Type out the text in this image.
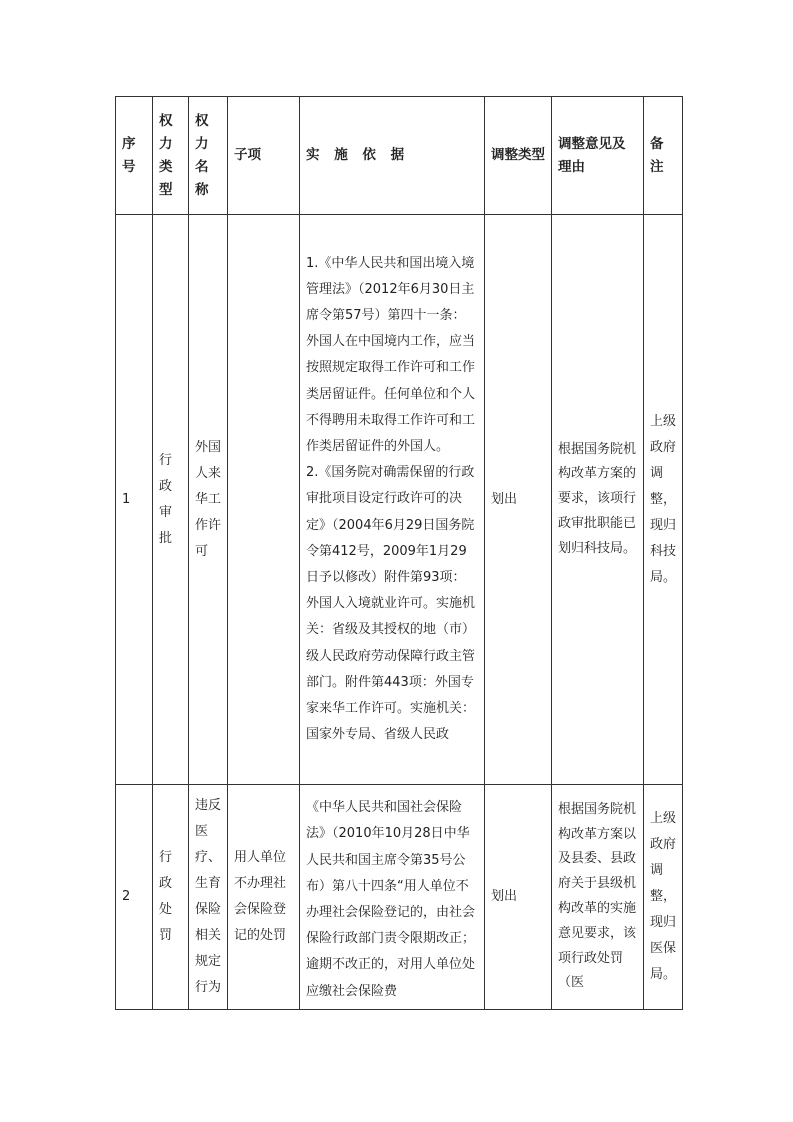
序号	权力类型	权力名称	子项	实 施 依 据	调整类型	调整意见及理由	备注
1	行政审批	外国人来华工作许可		1.《中华人民共和国出境入境管理法》（2012年6月30日主席令第57号）第四十一条：外国人在中国境内工作，应当按照规定取得工作许可和工作类居留证件。任何单位和个人不得聘用未取得工作许可和工作类居留证件的外国人。
2.《国务院对确需保留的行政审批项目设定行政许可的决定》（2004年6月29日国务院令第412号，2009年1月29日予以修改）附件第93项：外国人入境就业许可。实施机关：省级及其授权的地（市）级人民政府劳动保障行政主管部门。附件第443项：外国专家来华工作许可。实施机关：国家外专局、省级人民政	划出	根据国务院机构改革方案的要求，该项行政审批职能已划归科技局。	上级政府调整，现归科技局。
2	行政处罚	违反医疗、生育保险相关规定行为	用人单位不办理社会保险登记的处罚	《中华人民共和国社会保险法》（2010年10月28日中华人民共和国主席令第35号公布）第八十四条“用人单位不办理社会保险登记的，由社会保险行政部门责令限期改正；逾期不改正的，对用人单位处应缴社会保险费	划出	根据国务院机构改革方案以及县委、县政府关于县级机构改革的实施意见要求，该项行政处罚（医	上级政府调整，现归医保局。
